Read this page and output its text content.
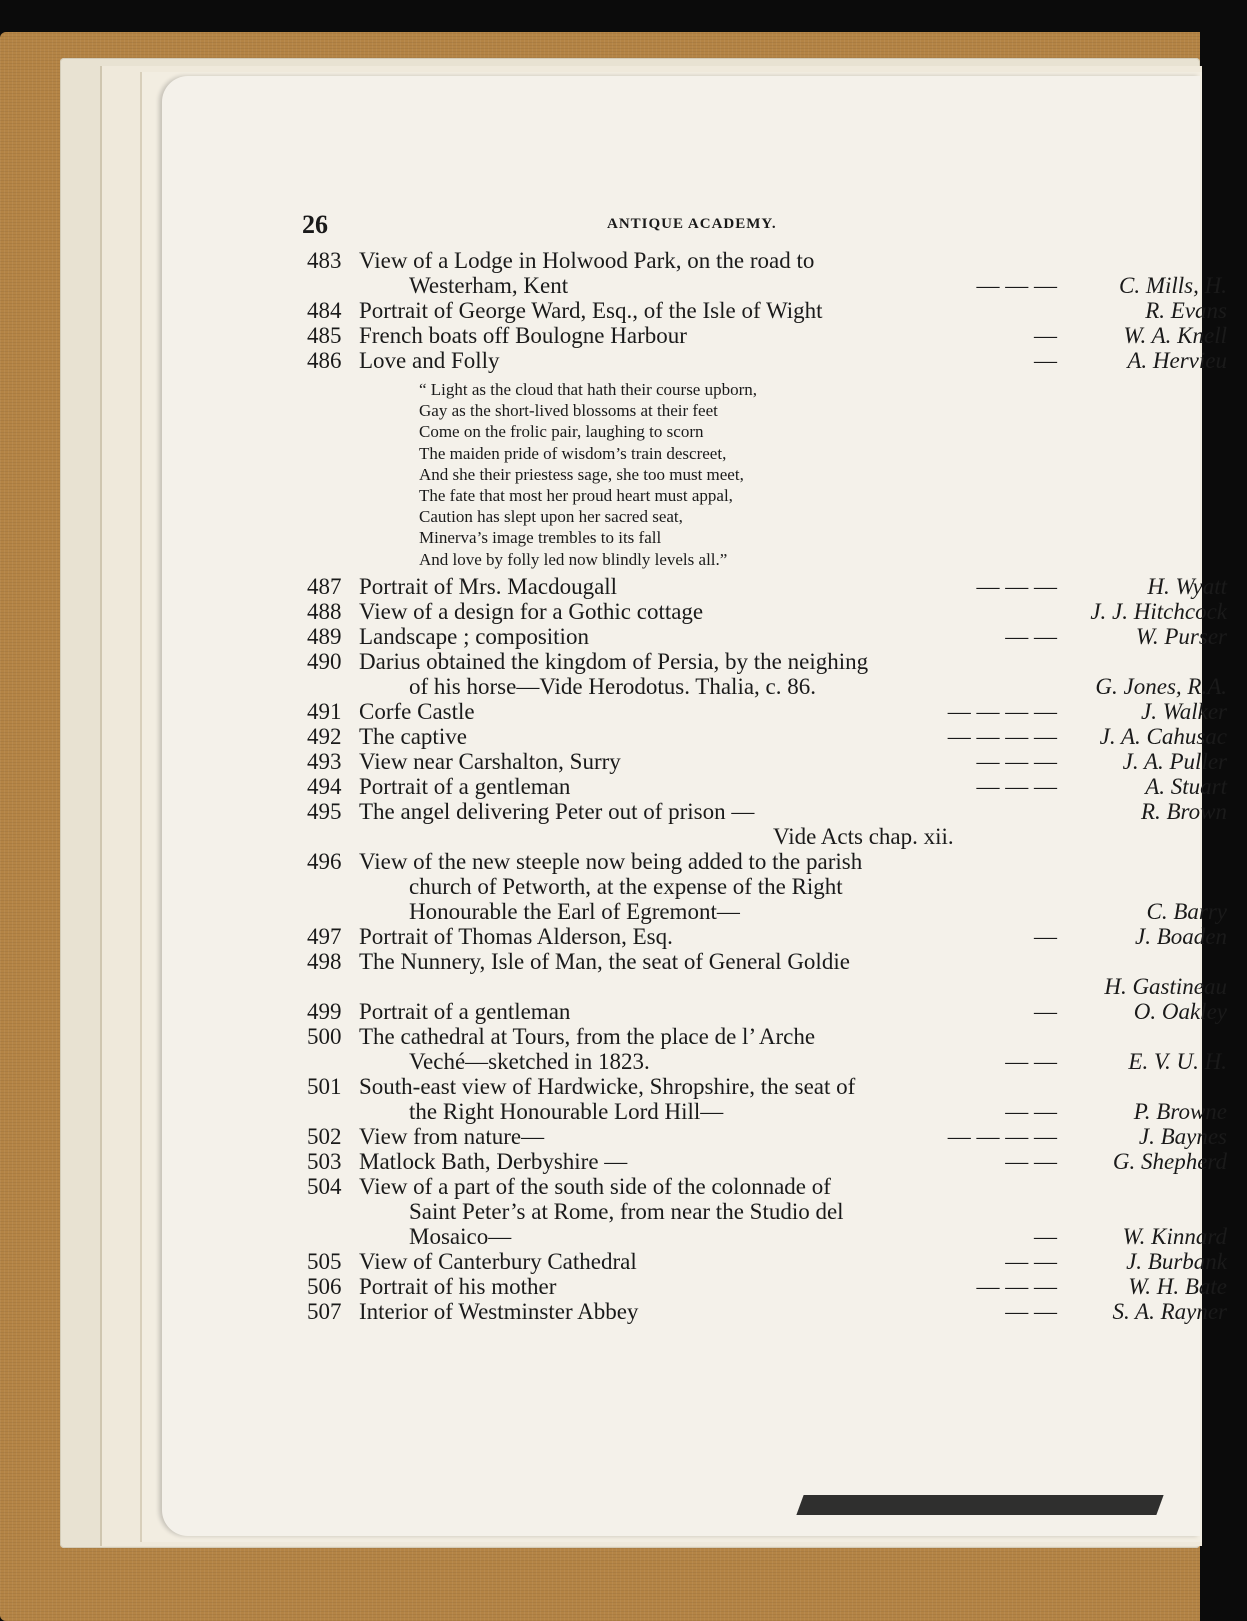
26	ANTIQUE ACADEMY.
483 View of a Lodge in Holwood Park, on the road to
Westerham, Kent	— — —	C. Mills, H.
484 Portrait of George Ward, Esq., of the Isle of Wight	R. Evans
485 French boats off Boulogne Harbour	—	W. A. Knell
486 Love and Folly	—	A. Hervieu
“ Light as the cloud that hath their course upborn,
Gay as the short-lived blossoms at their feet
Come on the frolic pair, laughing to scorn
The maiden pride of wisdom’s train descreet,
And she their priestess sage, she too must meet,
The fate that most her proud heart must appal,
Caution has slept upon her sacred seat,
Minerva’s image trembles to its fall
And love by folly led now blindly levels all.”
487 Portrait of Mrs. Macdougall	— — —	H. Wyatt
488 View of a design for a Gothic cottage	J. J. Hitchcock
489 Landscape ; composition	— —	W. Purser
490 Darius obtained the kingdom of Persia, by the neighing
of his horse—Vide Herodotus. Thalia, c. 86.	G. Jones, R.A.
491 Corfe Castle	— — — —	J. Walker
492 The captive	— — — — J. A. Cahusac
493 View near Carshalton, Surry	— — —	J. A. Puller
494 Portrait of a gentleman	— — —	A. Stuart
495 The angel delivering Peter out of prison —	R. Brown
Vide Acts chap. xii.
496 View of the new steeple now being added to the parish
church of Petworth, at the expense of the Right
Honourable the Earl of Egremont—	C. Barry
497 Portrait of Thomas Alderson, Esq.	—	J. Boaden
498 The Nunnery, Isle of Man, the seat of General Goldie
H. Gastineau
499 Portrait of a gentleman	—	O. Oakley
500 The cathedral at Tours, from the place de l’ Arche
Veché—sketched in 1823.	— —	E. V. U. H.
501 South-east view of Hardwicke, Shropshire, the seat of
the Right Honourable Lord Hill—	— —	P. Browne
502 View from nature—	— — — —	J. Baynes
503 Matlock Bath, Derbyshire —	— — G. Shepherd
504 View of a part of the south side of the colonnade of
Saint Peter’s at Rome, from near the Studio del
Mosaico—	—	W. Kinnard
505 View of Canterbury Cathedral	— —	J. Burbank
506 Portrait of his mother	— — —	W. H. Bate
507 Interior of Westminster Abbey	— — S. A. Rayner
